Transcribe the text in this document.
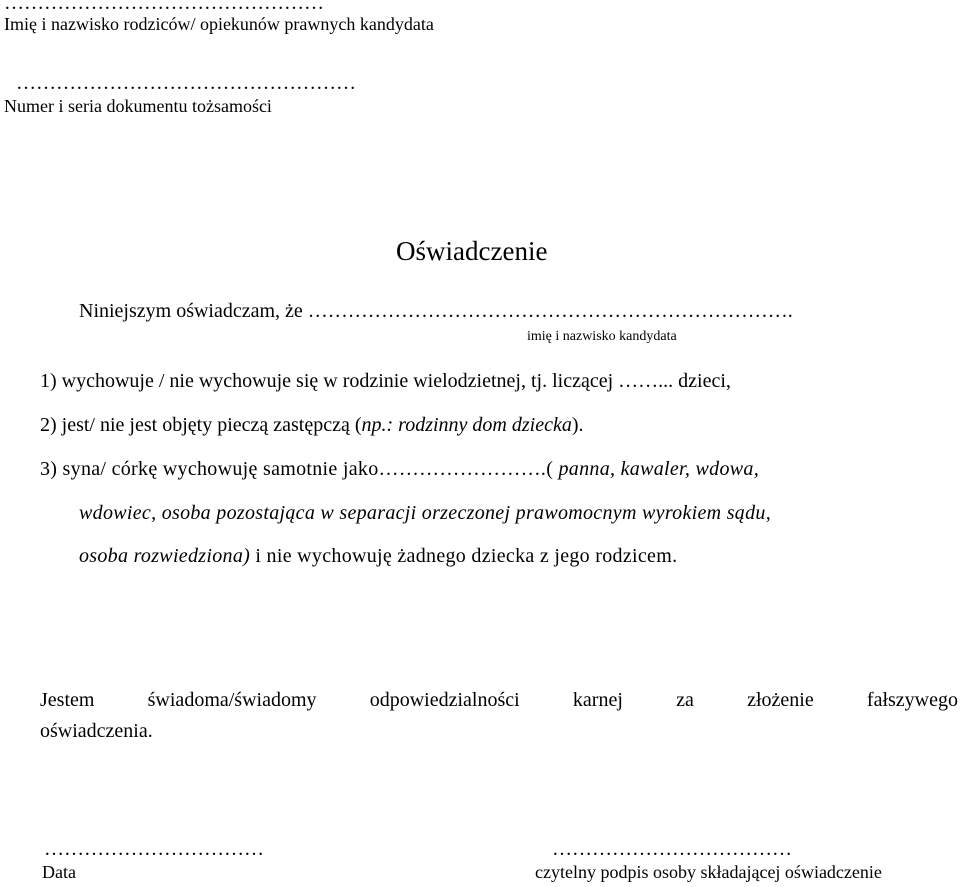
…………………………………………
Imię i nazwisko rodziców/ opiekunów prawnych kandydata
……………………………………………
Numer i seria dokumentu tożsamości
Oświadczenie
Niniejszym oświadczam, że ……………………………………………………………….
imię i nazwisko kandydata
1) wychowuje / nie wychowuje się w rodzinie wielodzietnej, tj. liczącej ……... dzieci,
2) jest/ nie jest objęty pieczą zastępczą (np.: rodzinny dom dziecka).
3) syna/ córkę wychowuję samotnie jako…………………….( panna, kawaler, wdowa,
wdowiec, osoba pozostająca w separacji orzeczonej prawomocnym wyrokiem sądu,
osoba rozwiedziona) i nie wychowuję żadnego dziecka z jego rodzicem.
Jestem świadoma/świadomy odpowiedzialności karnej za złożenie fałszywego
oświadczenia.
……………………………
Data
………………………………
czytelny podpis osoby składającej oświadczenie
